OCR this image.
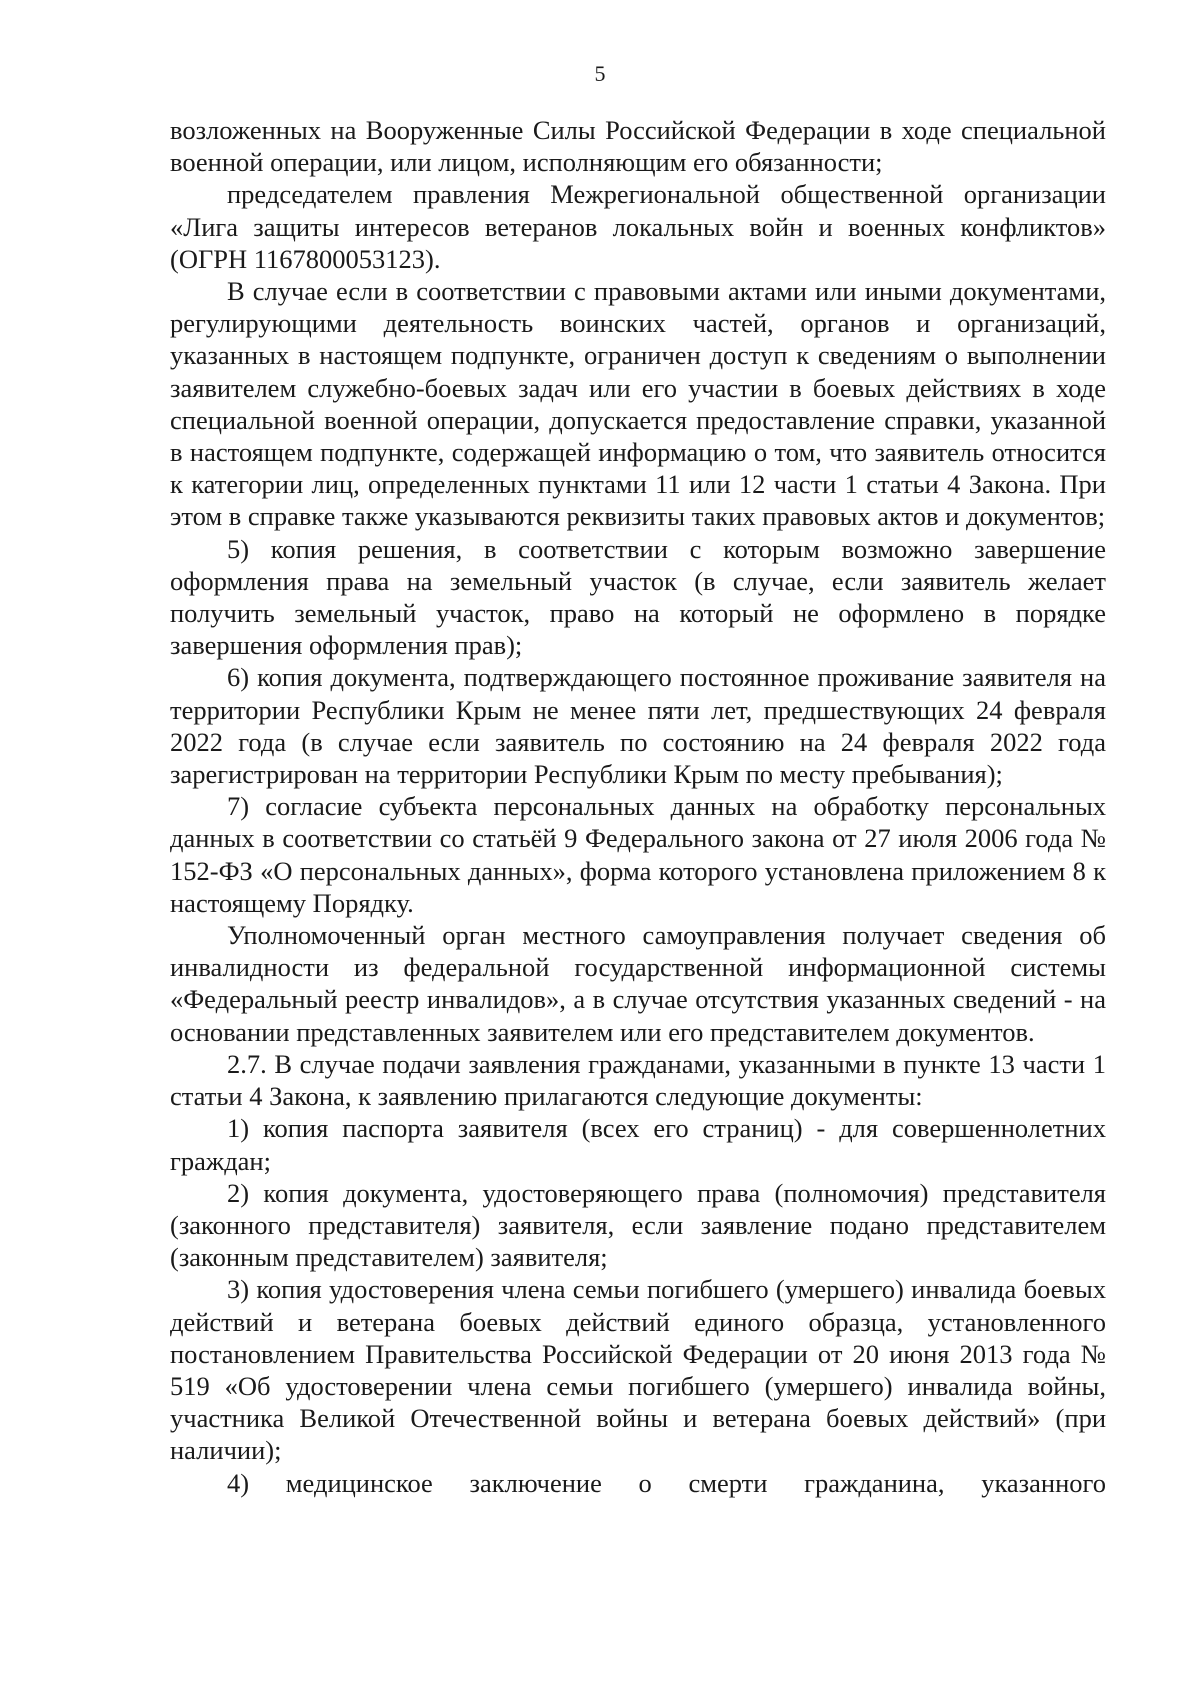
5

возложенных на Вооруженные Силы Российской Федерации в ходе специальной военной операции, или лицом, исполняющим его обязанности;

председателем правления Межрегиональной общественной организации «Лига защиты интересов ветеранов локальных войн и военных конфликтов» (ОГРН 1167800053123).

В случае если в соответствии с правовыми актами или иными документами, регулирующими деятельность воинских частей, органов и организаций, указанных в настоящем подпункте, ограничен доступ к сведениям о выполнении заявителем служебно-боевых задач или его участии в боевых действиях в ходе специальной военной операции, допускается предоставление справки, указанной в настоящем подпункте, содержащей информацию о том, что заявитель относится к категории лиц, определенных пунктами 11 или 12 части 1 статьи 4 Закона. При этом в справке также указываются реквизиты таких правовых актов и документов;

5) копия решения, в соответствии с которым возможно завершение оформления права на земельный участок (в случае, если заявитель желает получить земельный участок, право на который не оформлено в порядке завершения оформления прав);

6) копия документа, подтверждающего постоянное проживание заявителя на территории Республики Крым не менее пяти лет, предшествующих 24 февраля 2022 года (в случае если заявитель по состоянию на 24 февраля 2022 года зарегистрирован на территории Республики Крым по месту пребывания);

7) согласие субъекта персональных данных на обработку персональных данных в соответствии со статьёй 9 Федерального закона от 27 июля 2006 года № 152-ФЗ «О персональных данных», форма которого установлена приложением 8 к настоящему Порядку.

Уполномоченный орган местного самоуправления получает сведения об инвалидности из федеральной государственной информационной системы «Федеральный реестр инвалидов», а в случае отсутствия указанных сведений - на основании представленных заявителем или его представителем документов.

2.7. В случае подачи заявления гражданами, указанными в пункте 13 части 1 статьи 4 Закона, к заявлению прилагаются следующие документы:

1) копия паспорта заявителя (всех его страниц) - для совершеннолетних граждан;

2) копия документа, удостоверяющего права (полномочия) представителя (законного представителя) заявителя, если заявление подано представителем (законным представителем) заявителя;

3) копия удостоверения члена семьи погибшего (умершего) инвалида боевых действий и ветерана боевых действий единого образца, установленного постановлением Правительства Российской Федерации от 20 июня 2013 года № 519 «Об удостоверении члена семьи погибшего (умершего) инвалида войны, участника Великой Отечественной войны и ветерана боевых действий» (при наличии);

4) медицинское заключение о смерти гражданина, указанного
